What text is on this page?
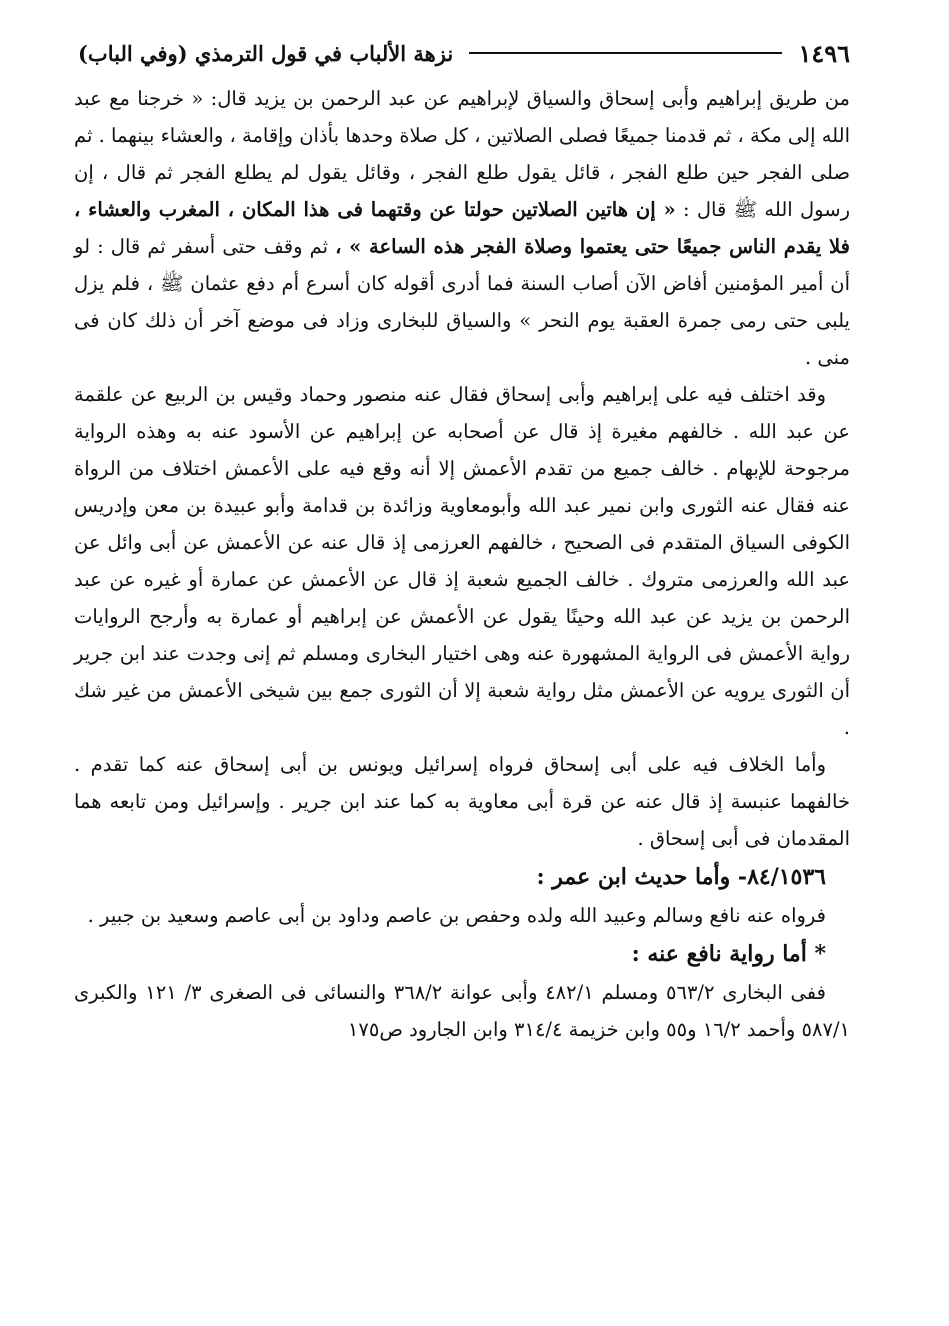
١٤٩٦
نزهة الألباب في قول الترمذي (وفي الباب)

من طريق إبراهيم وأبى إسحاق والسياق لإبراهيم عن عبد الرحمن بن يزيد قال: « خرجنا مع عبد الله إلى مكة ، ثم قدمنا جميعًا فصلى الصلاتين ، كل صلاة وحدها بأذان وإقامة ، والعشاء بينهما . ثم صلى الفجر حين طلع الفجر ، قائل يقول طلع الفجر ، وقائل يقول لم يطلع الفجر ثم قال ، إن رسول الله ﷺ قال : « إن هاتين الصلاتين حولتا عن وقتهما فى هذا المكان ، المغرب والعشاء ، فلا يقدم الناس جميعًا حتى يعتموا وصلاة الفجر هذه الساعة » ، ثم وقف حتى أسفر ثم قال : لو أن أمير المؤمنين أفاض الآن أصاب السنة فما أدرى أقوله كان أسرع أم دفع عثمان ﷺ ، فلم يزل يلبى حتى رمى جمرة العقبة يوم النحر » والسياق للبخارى وزاد فى موضع آخر أن ذلك كان فى منى .

وقد اختلف فيه على إبراهيم وأبى إسحاق فقال عنه منصور وحماد وقيس بن الربيع عن علقمة عن عبد الله . خالفهم مغيرة إذ قال عن أصحابه عن إبراهيم عن الأسود عنه به وهذه الرواية مرجوحة للإبهام . خالف جميع من تقدم الأعمش إلا أنه وقع فيه على الأعمش اختلاف من الرواة عنه فقال عنه الثورى وابن نمير عبد الله وأبومعاوية وزائدة بن قدامة وأبو عبيدة بن معن وإدريس الكوفى السياق المتقدم فى الصحيح ، خالفهم العرزمى إذ قال عنه عن الأعمش عن أبى وائل عن عبد الله والعرزمى متروك . خالف الجميع شعبة إذ قال عن الأعمش عن عمارة أو غيره عن عبد الرحمن بن يزيد عن عبد الله وحينًا يقول عن الأعمش عن إبراهيم أو عمارة به وأرجح الروايات رواية الأعمش فى الرواية المشهورة عنه وهى اختيار البخارى ومسلم ثم إنى وجدت عند ابن جرير أن الثورى يرويه عن الأعمش مثل رواية شعبة إلا أن الثورى جمع بين شيخى الأعمش من غير شك .

وأما الخلاف فيه على أبى إسحاق فرواه إسرائيل ويونس بن أبى إسحاق عنه كما تقدم . خالفهما عنبسة إذ قال عنه عن قرة أبى معاوية به كما عند ابن جرير . وإسرائيل ومن تابعه هما المقدمان فى أبى إسحاق .

٨٤/١٥٣٦- وأما حديث ابن عمر :

فرواه عنه نافع وسالم وعبيد الله ولده وحفص بن عاصم وداود بن أبى عاصم وسعيد بن جبير .

* أما رواية نافع عنه :

ففى البخارى ٥٦٣/٢ ومسلم ٤٨٢/١ وأبى عوانة ٣٦٨/٢ والنسائى فى الصغرى ٣/ ١٢١ والكبرى ٥٨٧/١ وأحمد ١٦/٢ و٥٥ وابن خزيمة ٣١٤/٤ وابن الجارود ص١٧٥
